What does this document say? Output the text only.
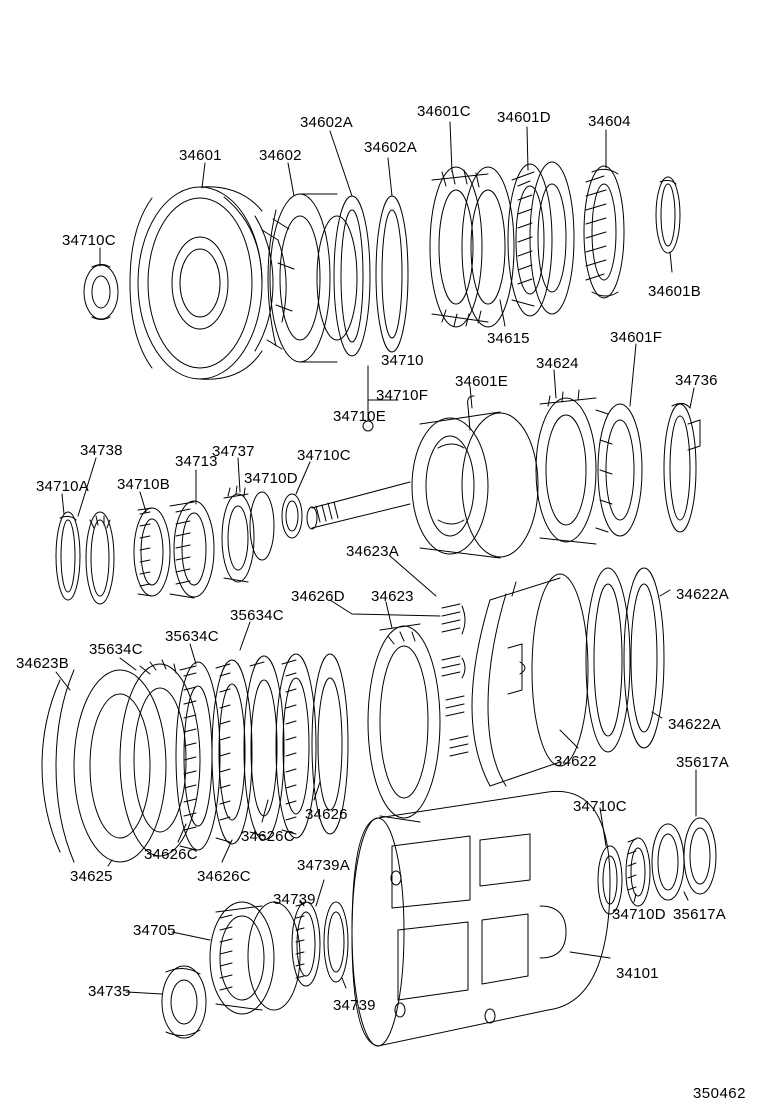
34710C
34601 34602
34602A
34602A
34601C 34601D 34604
34601B
34615	34601F
34624
34736
34710
34601E
34710F
34710E
34737	34710C
34738
34713
34710D
34710A 34710B
34623A
34622A
34626D 34623
35634C
35634C
35634C
34623B
34622A
34622	35617A
34626
34626C
34626C
34626C
34625
34710C
34710D 35617A
34739A
34739
34705
34735
34739
34101
350462
